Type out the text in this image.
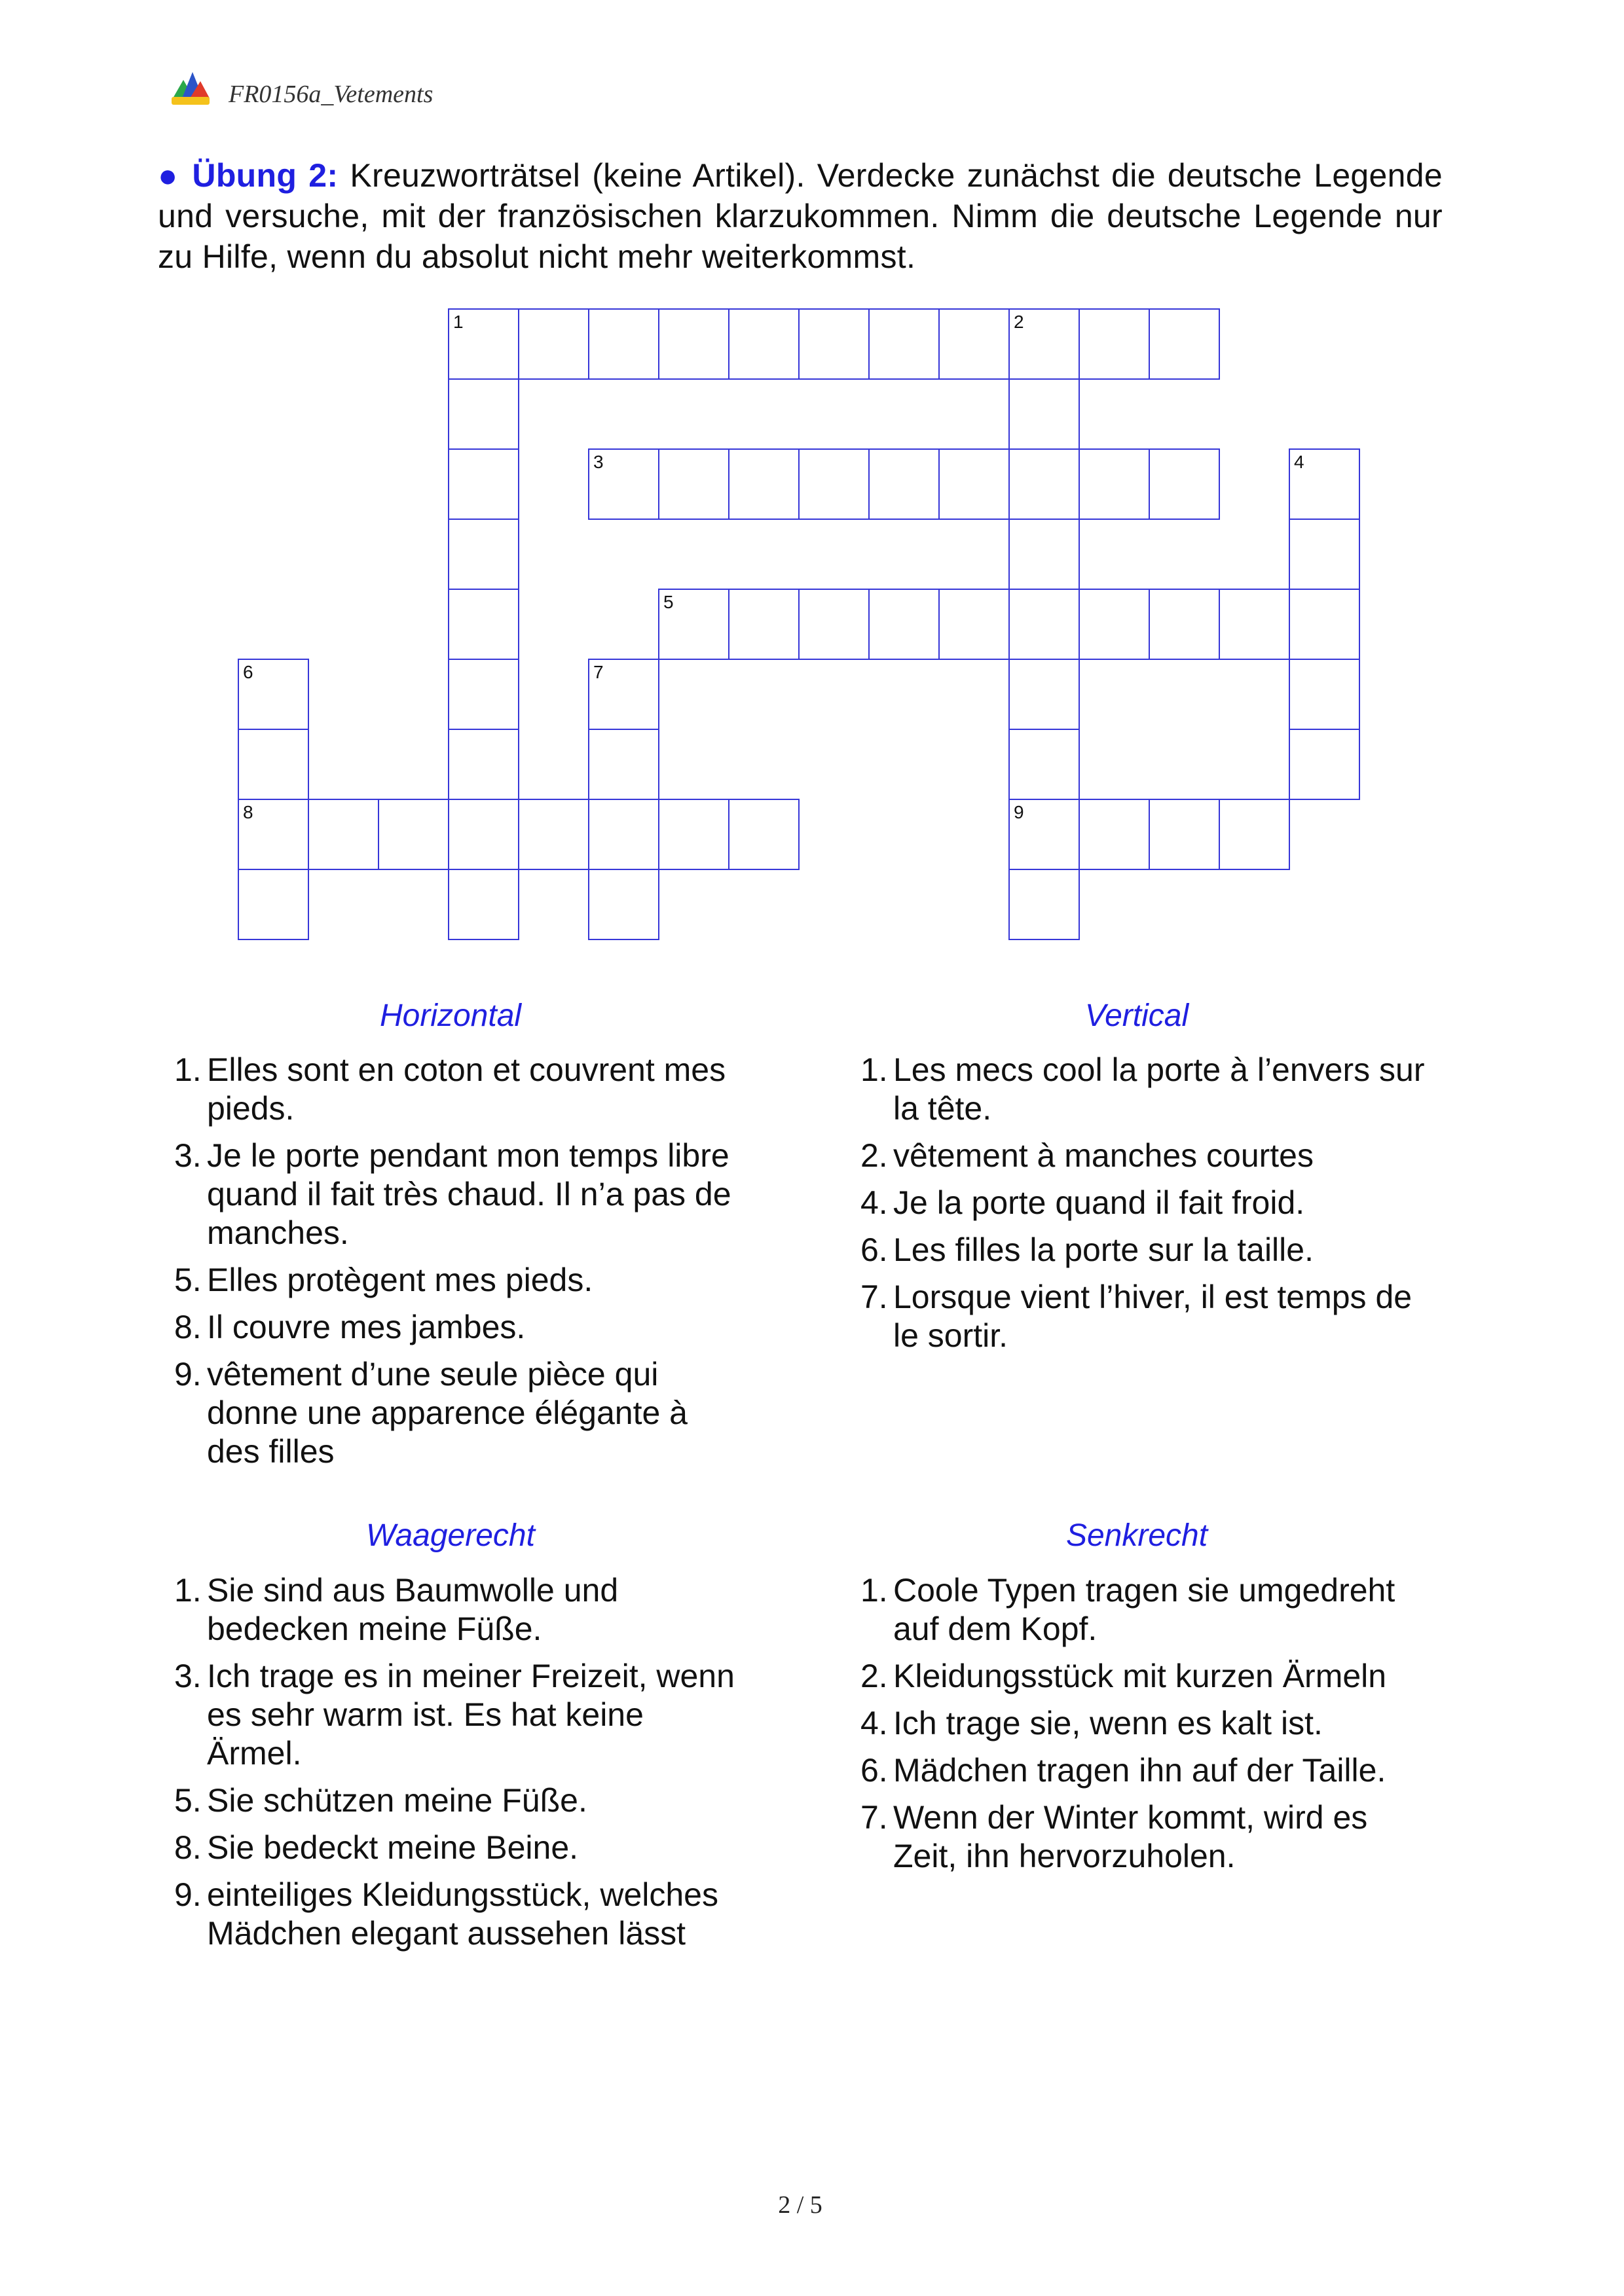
FR0156a_Vetements

● Übung 2: Kreuzworträtsel (keine Artikel). Verdecke zunächst die deutsche Legende und versuche, mit der französischen klarzukommen. Nimm die deutsche Legende nur zu Hilfe, wenn du absolut nicht mehr weiterkommst.

1	2
3	4
5
6	7
8	9
Horizontal	Vertical
1. Elles sont en coton et couvrent mes pieds.
3. Je le porte pendant mon temps libre quand il fait très chaud. Il n’a pas de manches.
5. Elles protègent mes pieds.
8. Il couvre mes jambes.
9. vêtement d’une seule pièce qui donne une apparence élégante à des filles
1. Les mecs cool la porte à l’envers sur la tête.
2. vêtement à manches courtes
4. Je la porte quand il fait froid.
6. Les filles la porte sur la taille.
7. Lorsque vient l’hiver, il est temps de le sortir.
Waagerecht	Senkrecht
1. Sie sind aus Baumwolle und bedecken meine Füße.
3. Ich trage es in meiner Freizeit, wenn es sehr warm ist. Es hat keine Ärmel.
5. Sie schützen meine Füße.
8. Sie bedeckt meine Beine.
9. einteiliges Kleidungsstück, welches Mädchen elegant aussehen lässt
1. Coole Typen tragen sie umgedreht auf dem Kopf.
2. Kleidungsstück mit kurzen Ärmeln
4. Ich trage sie, wenn es kalt ist.
6. Mädchen tragen ihn auf der Taille.
7. Wenn der Winter kommt, wird es Zeit, ihn hervorzuholen.
2 / 5
